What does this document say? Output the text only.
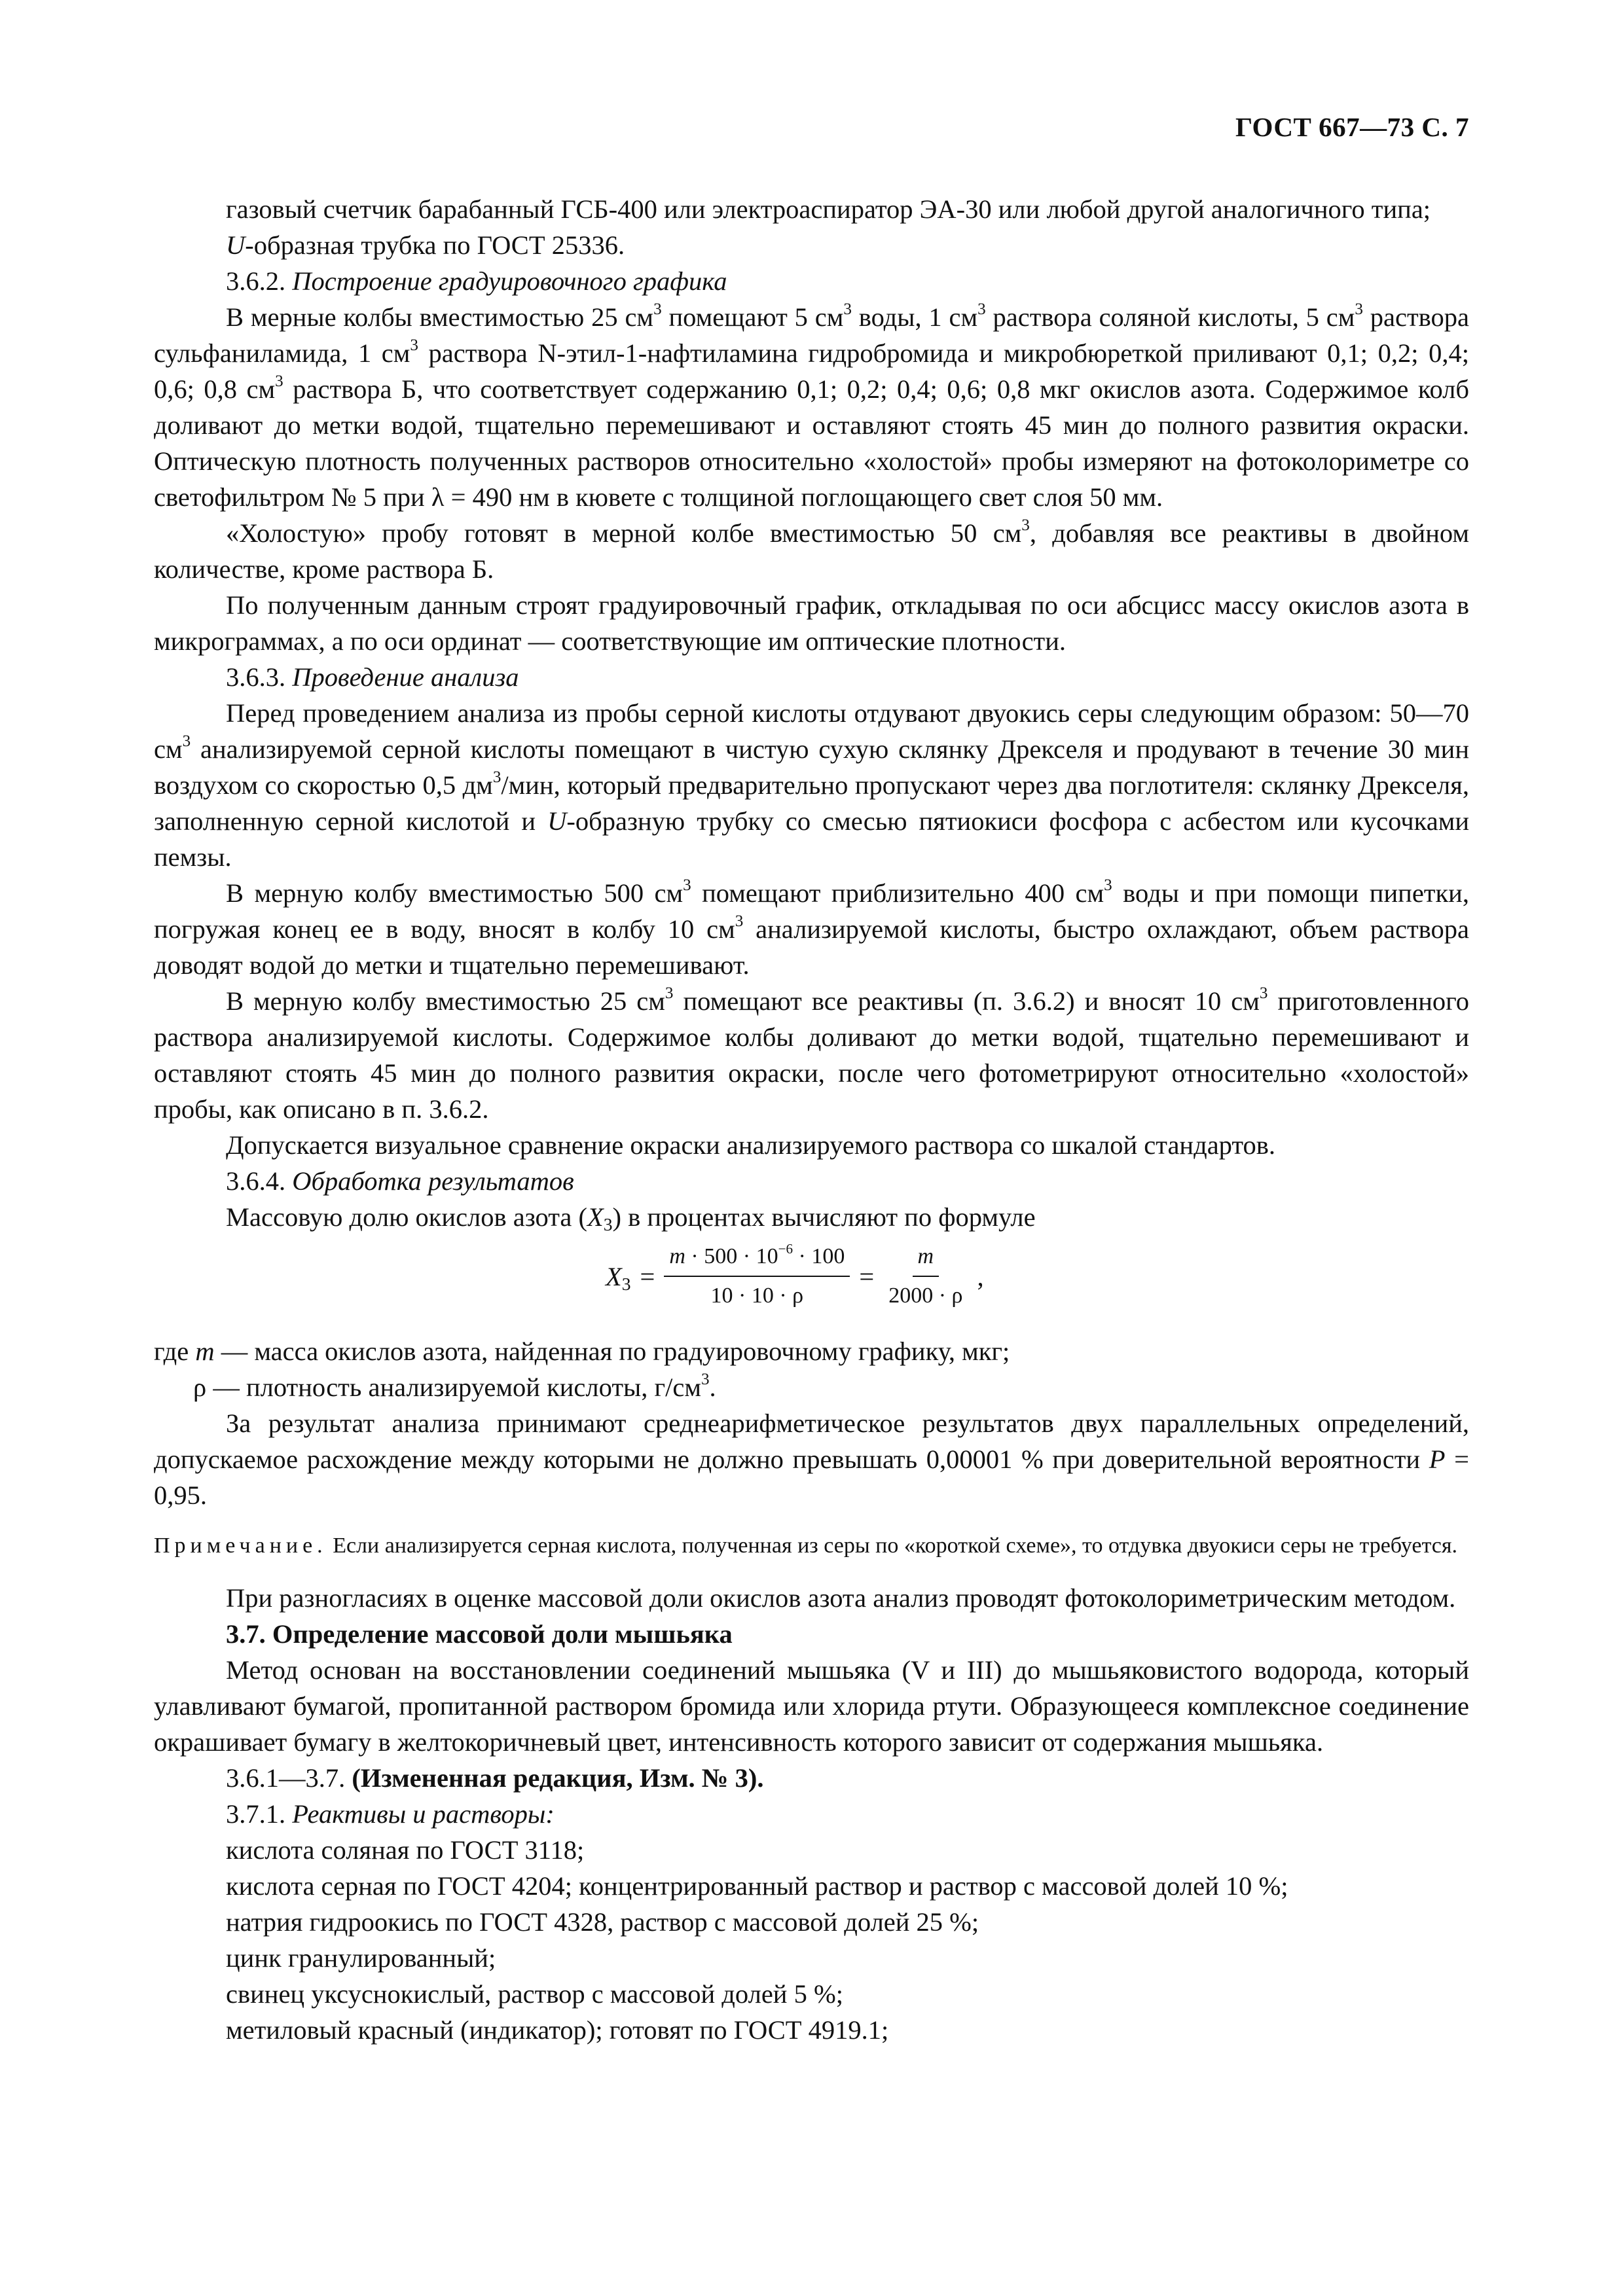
ГОСТ 667—73 С. 7

газовый счетчик барабанный ГСБ-400 или электроаспиратор ЭА-30 или любой другой аналогичного типа;

U-образная трубка по ГОСТ 25336.

3.6.2. Построение градуировочного графика

В мерные колбы вместимостью 25 $см^3$ помещают 5 $см^3$ воды, 1 $см^3$ раствора соляной кислоты, 5 $см^3$ раствора сульфаниламида, 1 $см^3$ раствора N-этил-1-нафтиламина гидробромида и микробюреткой приливают 0,1; 0,2; 0,4; 0,6; 0,8 $см^3$ раствора Б, что соответствует содержанию 0,1; 0,2; 0,4; 0,6; 0,8 мкг окислов азота. Содержимое колб доливают до метки водой, тщательно перемешивают и оставляют стоять 45 мин до полного развития окраски. Оптическую плотность полученных растворов относительно «холостой» пробы измеряют на фотоколориметре со светофильтром № 5 при λ = 490 нм в кювете с толщиной поглощающего свет слоя 50 мм.

«Холостую» пробу готовят в мерной колбе вместимостью 50 $см^3$, добавляя все реактивы в двойном количестве, кроме раствора Б.

По полученным данным строят градуировочный график, откладывая по оси абсцисс массу окислов азота в микрограммах, а по оси ординат — соответствующие им оптические плотности.

3.6.3. Проведение анализа

Перед проведением анализа из пробы серной кислоты отдувают двуокись серы следующим образом: 50—70 $см^3$ анализируемой серной кислоты помещают в чистую сухую склянку Дрекселя и продувают в течение 30 мин воздухом со скоростью 0,5 $дм^3$/мин, который предварительно пропускают через два поглотителя: склянку Дрекселя, заполненную серной кислотой и U-образную трубку со смесью пятиокиси фосфора с асбестом или кусочками пемзы.

В мерную колбу вместимостью 500 $см^3$ помещают приблизительно 400 $см^3$ воды и при помощи пипетки, погружая конец ее в воду, вносят в колбу 10 $см^3$ анализируемой кислоты, быстро охлаждают, объем раствора доводят водой до метки и тщательно перемешивают.

В мерную колбу вместимостью 25 $см^3$ помещают все реактивы (п. 3.6.2) и вносят 10 $см^3$ приготовленного раствора анализируемой кислоты. Содержимое колбы доливают до метки водой, тщательно перемешивают и оставляют стоять 45 мин до полного развития окраски, после чего фотометрируют относительно «холостой» пробы, как описано в п. 3.6.2.

Допускается визуальное сравнение окраски анализируемого раствора со шкалой стандартов.

3.6.4. Обработка результатов

Массовую долю окислов азота $(X_3)$ в процентах вычисляют по формуле

$X_3 = \frac{m \cdot 500 \cdot 10^{-6} \cdot 100}{10 \cdot 10 \cdot \rho} = \frac{m}{2000 \cdot \rho}$ ,

где m — масса окислов азота, найденная по градуировочному графику, мкг;

ρ — плотность анализируемой кислоты, $г/см^3$.

За результат анализа принимают среднеарифметическое результатов двух параллельных определений, допускаемое расхождение между которыми не должно превышать 0,00001 % при доверительной вероятности P = 0,95.

Примечание. Если анализируется серная кислота, полученная из серы по «короткой схеме», то отдувка двуокиси серы не требуется.

При разногласиях в оценке массовой доли окислов азота анализ проводят фотоколориметрическим методом.

3.7. Определение массовой доли мышьяка

Метод основан на восстановлении соединений мышьяка (V и III) до мышьяковистого водорода, который улавливают бумагой, пропитанной раствором бромида или хлорида ртути. Образующееся комплексное соединение окрашивает бумагу в желтокоричневый цвет, интенсивность которого зависит от содержания мышьяка.

3.6.1—3.7. (Измененная редакция, Изм. № 3).

3.7.1. Реактивы и растворы:

кислота соляная по ГОСТ 3118;

кислота серная по ГОСТ 4204; концентрированный раствор и раствор с массовой долей 10 %;

натрия гидроокись по ГОСТ 4328, раствор с массовой долей 25 %;

цинк гранулированный;

свинец уксуснокислый, раствор с массовой долей 5 %;

метиловый красный (индикатор); готовят по ГОСТ 4919.1;
